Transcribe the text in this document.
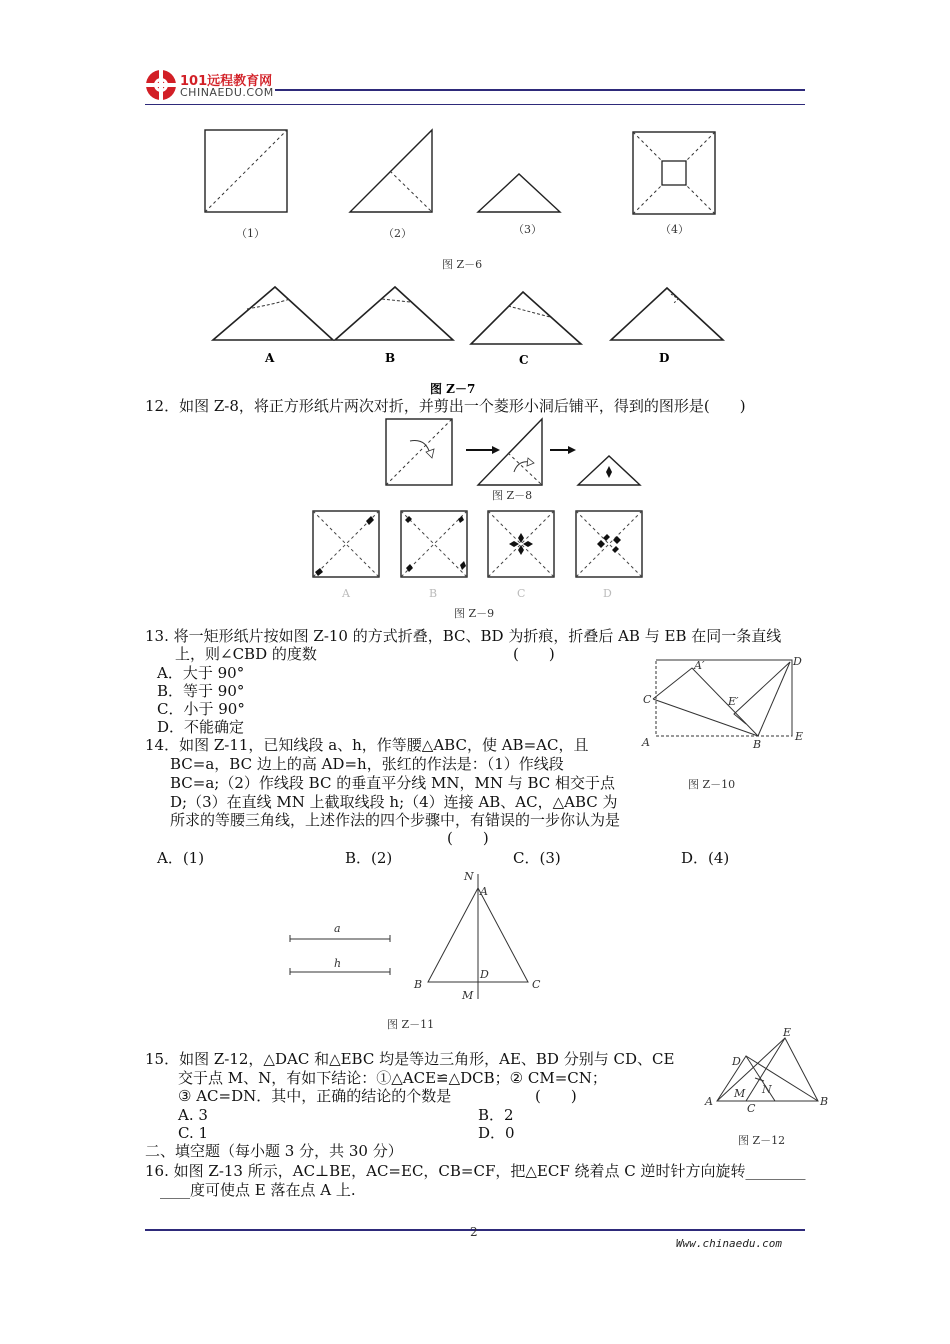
101远程教育网
CHINAEDU.COM
（1）	（2）	（3）	（4）
图 Z－6
A	B	C	D
图 Z－7
12．如图 Z-8，将正方形纸片两次对折，并剪出一个菱形小洞后铺平，得到的图形是(　　)
图 Z－8
A	B	C	D
图 Z－9
13. 将一矩形纸片按如图 Z-10 的方式折叠，BC、BD 为折痕，折叠后 AB 与 EB 在同一条直线
上，则∠CBD 的度数	(　　)
A．大于 90°
B．等于 90°
C．小于 90°
D．不能确定
C
A′	D
E′
A	B
E
图 Z－10
14．如图 Z-11，已知线段 a、h，作等腰△ABC，使 AB=AC，且
BC=a，BC 边上的高 AD=h，张红的作法是：（1）作线段
BC=a;（2）作线段 BC 的垂直平分线 MN，MN 与 BC 相交于点
D;（3）在直线 MN 上截取线段 h;（4）连接 AB、AC，△ABC 为
所求的等腰三角线，上述作法的四个步骤中，有错误的一步你认为是
(　　)
A．(1)	B．(2)	C．(3)	D．(4)
a
h
N
A
D
B	C
M
图 Z－11
15．如图 Z-12，△DAC 和△EBC 均是等边三角形，AE、BD 分别与 CD、CE
交于点 M、N，有如下结论：①△ACE≌△DCB；② CM=CN；
③ AC=DN．其中，正确的结论的个数是	(　　)
A. 3	B．2
C. 1	D．0
E
D
N
M
A
C
B
图 Z－12
二、填空题（每小题 3 分，共 30 分）
16. 如图 Z-13 所示，AC⊥BE，AC=EC，CB=CF，把△ECF 绕着点 C 逆时针方向旋转________
____度可使点 E 落在点 A 上.
2
Www.chinaedu.com
